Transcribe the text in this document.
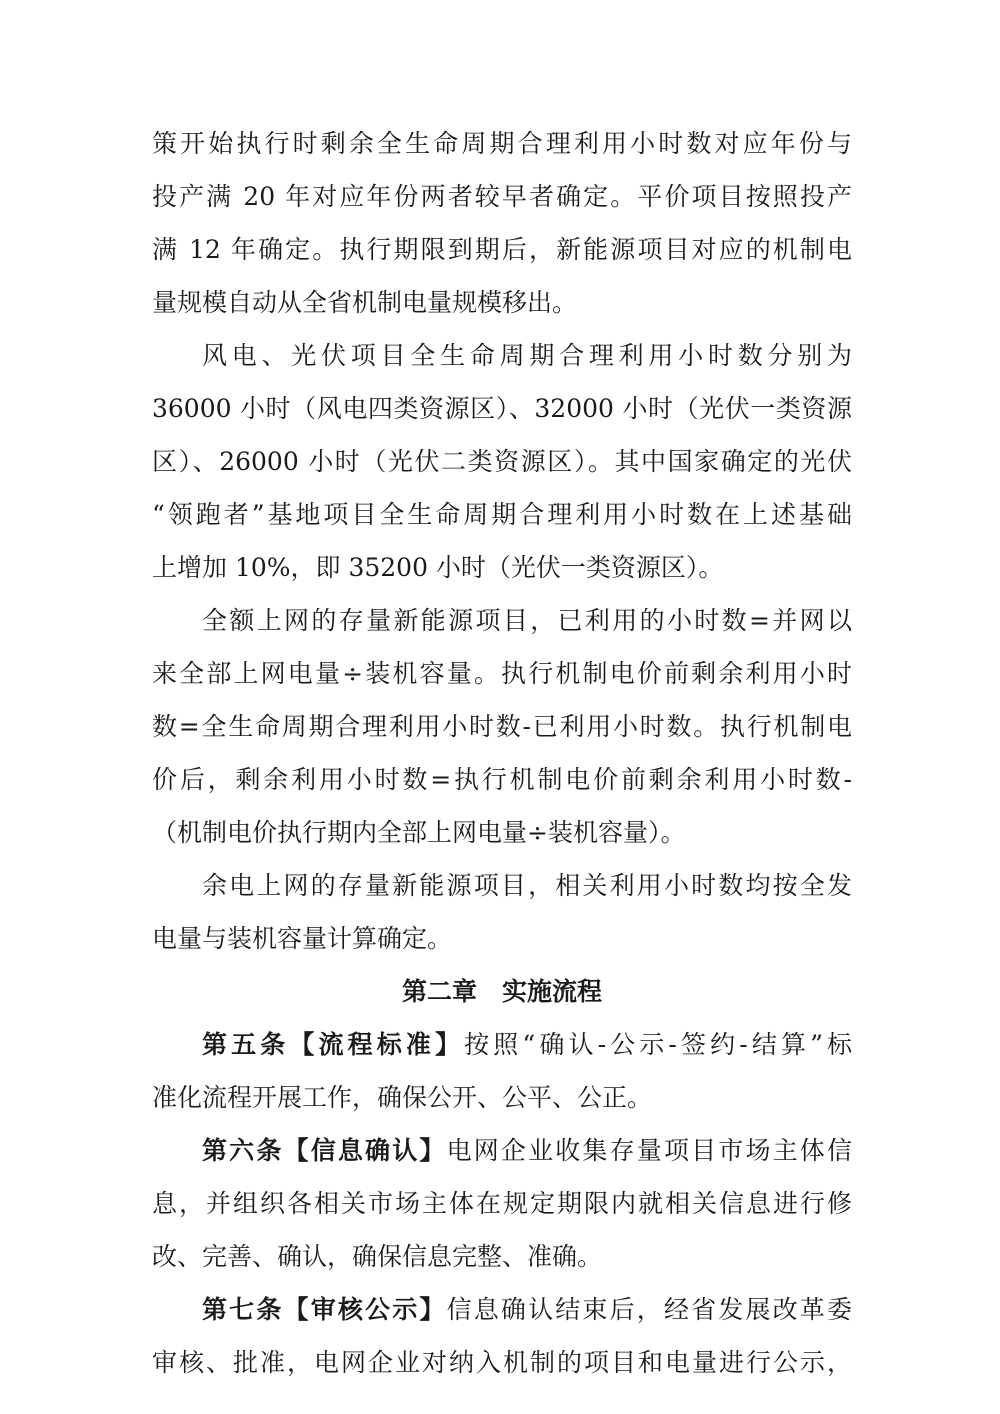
策开始执行时剩余全生命周期合理利用小时数对应年份与
投产满 20 年对应年份两者较早者确定。平价项目按照投产
满 12 年确定。执行期限到期后，新能源项目对应的机制电
量规模自动从全省机制电量规模移出。
风电、光伏项目全生命周期合理利用小时数分别为
36000 小时（风电四类资源区）、32000 小时（光伏一类资源
区）、26000 小时（光伏二类资源区）。其中国家确定的光伏
“领跑者”基地项目全生命周期合理利用小时数在上述基础
上增加 10%，即 35200 小时（光伏一类资源区）。
全额上网的存量新能源项目，已利用的小时数=并网以
来全部上网电量÷装机容量。执行机制电价前剩余利用小时
数=全生命周期合理利用小时数-已利用小时数。执行机制电
价后，剩余利用小时数=执行机制电价前剩余利用小时数-
（机制电价执行期内全部上网电量÷装机容量）。
余电上网的存量新能源项目，相关利用小时数均按全发
电量与装机容量计算确定。
第二章　实施流程
第五条【流程标准】按照“确认-公示-签约-结算”标
准化流程开展工作，确保公开、公平、公正。
第六条【信息确认】电网企业收集存量项目市场主体信
息，并组织各相关市场主体在规定期限内就相关信息进行修
改、完善、确认，确保信息完整、准确。
第七条【审核公示】信息确认结束后，经省发展改革委
审核、批准，电网企业对纳入机制的项目和电量进行公示，
